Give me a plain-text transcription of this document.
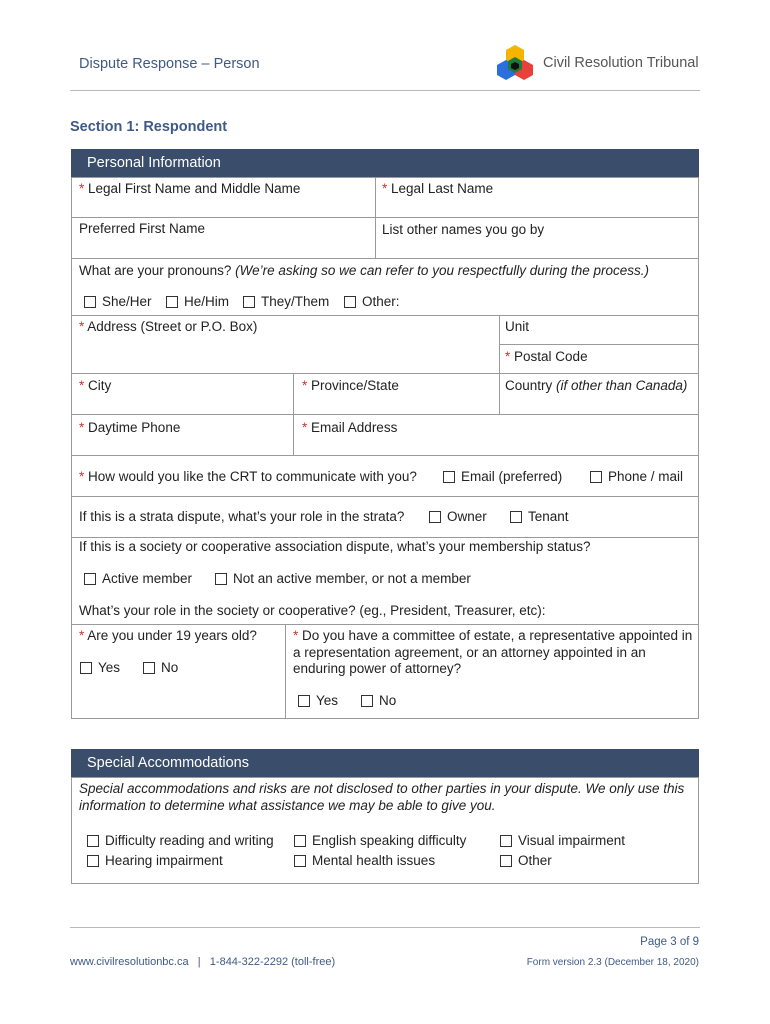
Dispute Response – Person	Civil Resolution Tribunal
Section 1: Respondent
Personal Information
* Legal First Name and Middle Name	* Legal Last Name
Preferred First Name	List other names you go by
What are your pronouns? (We’re asking so we can refer to you respectfully during the process.)
She/Her He/Him They/Them Other:
* Address (Street or P.O. Box)	Unit
* Postal Code
* City	* Province/State	Country (if other than Canada)
* Daytime Phone	* Email Address
* How would you like the CRT to communicate with you?	Email (preferred)	Phone / mail
If this is a strata dispute, what’s your role in the strata?	Owner	Tenant
If this is a society or cooperative association dispute, what’s your membership status?
Active member	Not an active member, or not a member
What’s your role in the society or cooperative? (eg., President, Treasurer, etc):
* Are you under 19 years old?
Yes	No
* Do you have a committee of estate, a representative appointed in a representation agreement, or an attorney appointed in an enduring power of attorney?
Yes	No
Special Accommodations
Special accommodations and risks are not disclosed to other parties in your dispute. We only use this information to determine what assistance we may be able to give you.
Difficulty reading and writing	English speaking difficulty	Visual impairment
Hearing impairment	Mental health issues	Other
Page 3 of 9
www.civilresolutionbc.ca   |   1-844-322-2292 (toll-free)	Form version 2.3 (December 18, 2020)
